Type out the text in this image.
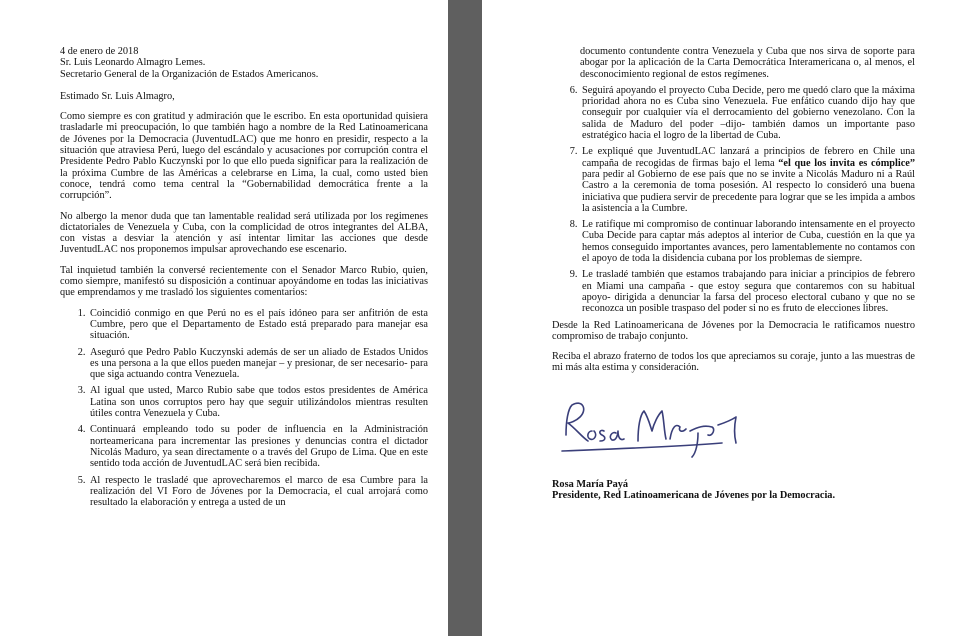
4 de enero de 2018

Sr. Luis Leonardo Almagro Lemes.

Secretario General de la Organización de Estados Americanos.

Estimado Sr. Luis Almagro,

Como siempre es con gratitud y admiración que le escribo. En esta oportunidad quisiera trasladarle mi preocupación, lo que también hago a nombre de la Red Latinoamericana de Jóvenes por la Democracia (JuventudLAC) que me honro en presidir, respecto a la situación que atraviesa Perú, luego del escándalo y acusaciones por corrupción contra el Presidente Pedro Pablo Kuczynski por lo que ello pueda significar para la realización de la próxima Cumbre de las Américas a celebrarse en Lima, la cual, como usted bien conoce, tendrá como tema central la “Gobernabilidad democrática frente a la corrupción”.

No albergo la menor duda que tan lamentable realidad será utilizada por los regimenes dictatoriales de Venezuela y Cuba, con la complicidad de otros integrantes del ALBA, con vistas a desviar la atención y así intentar limitar las acciones que desde JuventudLAC nos proponemos impulsar aprovechando ese escenario.

Tal inquietud también la conversé recientemente con el Senador Marco Rubio, quien, como siempre, manifestó su disposición a continuar apoyándome en todas las iniciativas que emprendamos y me trasladó los siguientes comentarios:

1. Coincidió conmigo en que Perú no es el país idóneo para ser anfitrión de esta Cumbre, pero que el Departamento de Estado está preparado para manejar esa situación.
2. Aseguró que Pedro Pablo Kuczynski además de ser un aliado de Estados Unidos es una persona a la que ellos pueden manejar – y presionar, de ser necesario- para que siga actuando contra Venezuela.
3. Al igual que usted, Marco Rubio sabe que todos estos presidentes de América Latina son unos corruptos pero hay que seguir utilizándolos mientras resulten útiles contra Venezuela y Cuba.
4. Continuará empleando todo su poder de influencia en la Administración norteamericana para incrementar las presiones y denuncias contra el dictador Nicolás Maduro, ya sean directamente o a través del Grupo de Lima. Que en este sentido toda acción de JuventudLAC será bien recibida.
5. Al respecto le trasladé que aprovecharemos el marco de esa Cumbre para la realización del VI Foro de Jóvenes por la Democracia, el cual arrojará como resultado la elaboración y entrega a usted de un

documento contundente contra Venezuela y Cuba que nos sirva de soporte para abogar por la aplicación de la Carta Democrática Interamericana o, al menos, el desconocimiento regional de estos regímenes.

6. Seguirá apoyando el proyecto Cuba Decide, pero me quedó claro que la máxima prioridad ahora no es Cuba sino Venezuela. Fue enfático cuando dijo hay que conseguir por cualquier vía el derrocamiento del gobierno venezolano. Con la salida de Maduro del poder –dijo- también damos un importante paso estratégico hacia el logro de la libertad de Cuba.
7. Le expliqué que JuventudLAC lanzará a principios de febrero en Chile una campaña de recogidas de firmas bajo el lema “el que los invita es cómplice” para pedir al Gobierno de ese país que no se invite a Nicolás Maduro ni a Raúl Castro a la ceremonia de toma posesión. Al respecto lo consideró una buena iniciativa que pudiera servir de precedente para lograr que se les impida a ambos la asistencia a la Cumbre.
8. Le ratifique mi compromiso de continuar laborando intensamente en el proyecto Cuba Decide para captar más adeptos al interior de Cuba, cuestión en la que ya hemos conseguido importantes avances, pero lamentablemente no contamos con el apoyo de toda la disidencia cubana por los problemas de siempre.
9. Le trasladé también que estamos trabajando para iniciar a principios de febrero en Miami una campaña - que estoy segura que contaremos con su habitual apoyo- dirigida a denunciar la farsa del proceso electoral cubano y que no se reconozca un posible traspaso del poder si no es fruto de elecciones libres.

Desde la Red Latinoamericana de Jóvenes por la Democracia le ratificamos nuestro compromiso de trabajo conjunto.

Reciba el abrazo fraterno de todos los que apreciamos su coraje, junto a las muestras de mi más alta estima y consideración.

Rosa María Payá

Presidente, Red Latinoamericana de Jóvenes por la Democracia.
